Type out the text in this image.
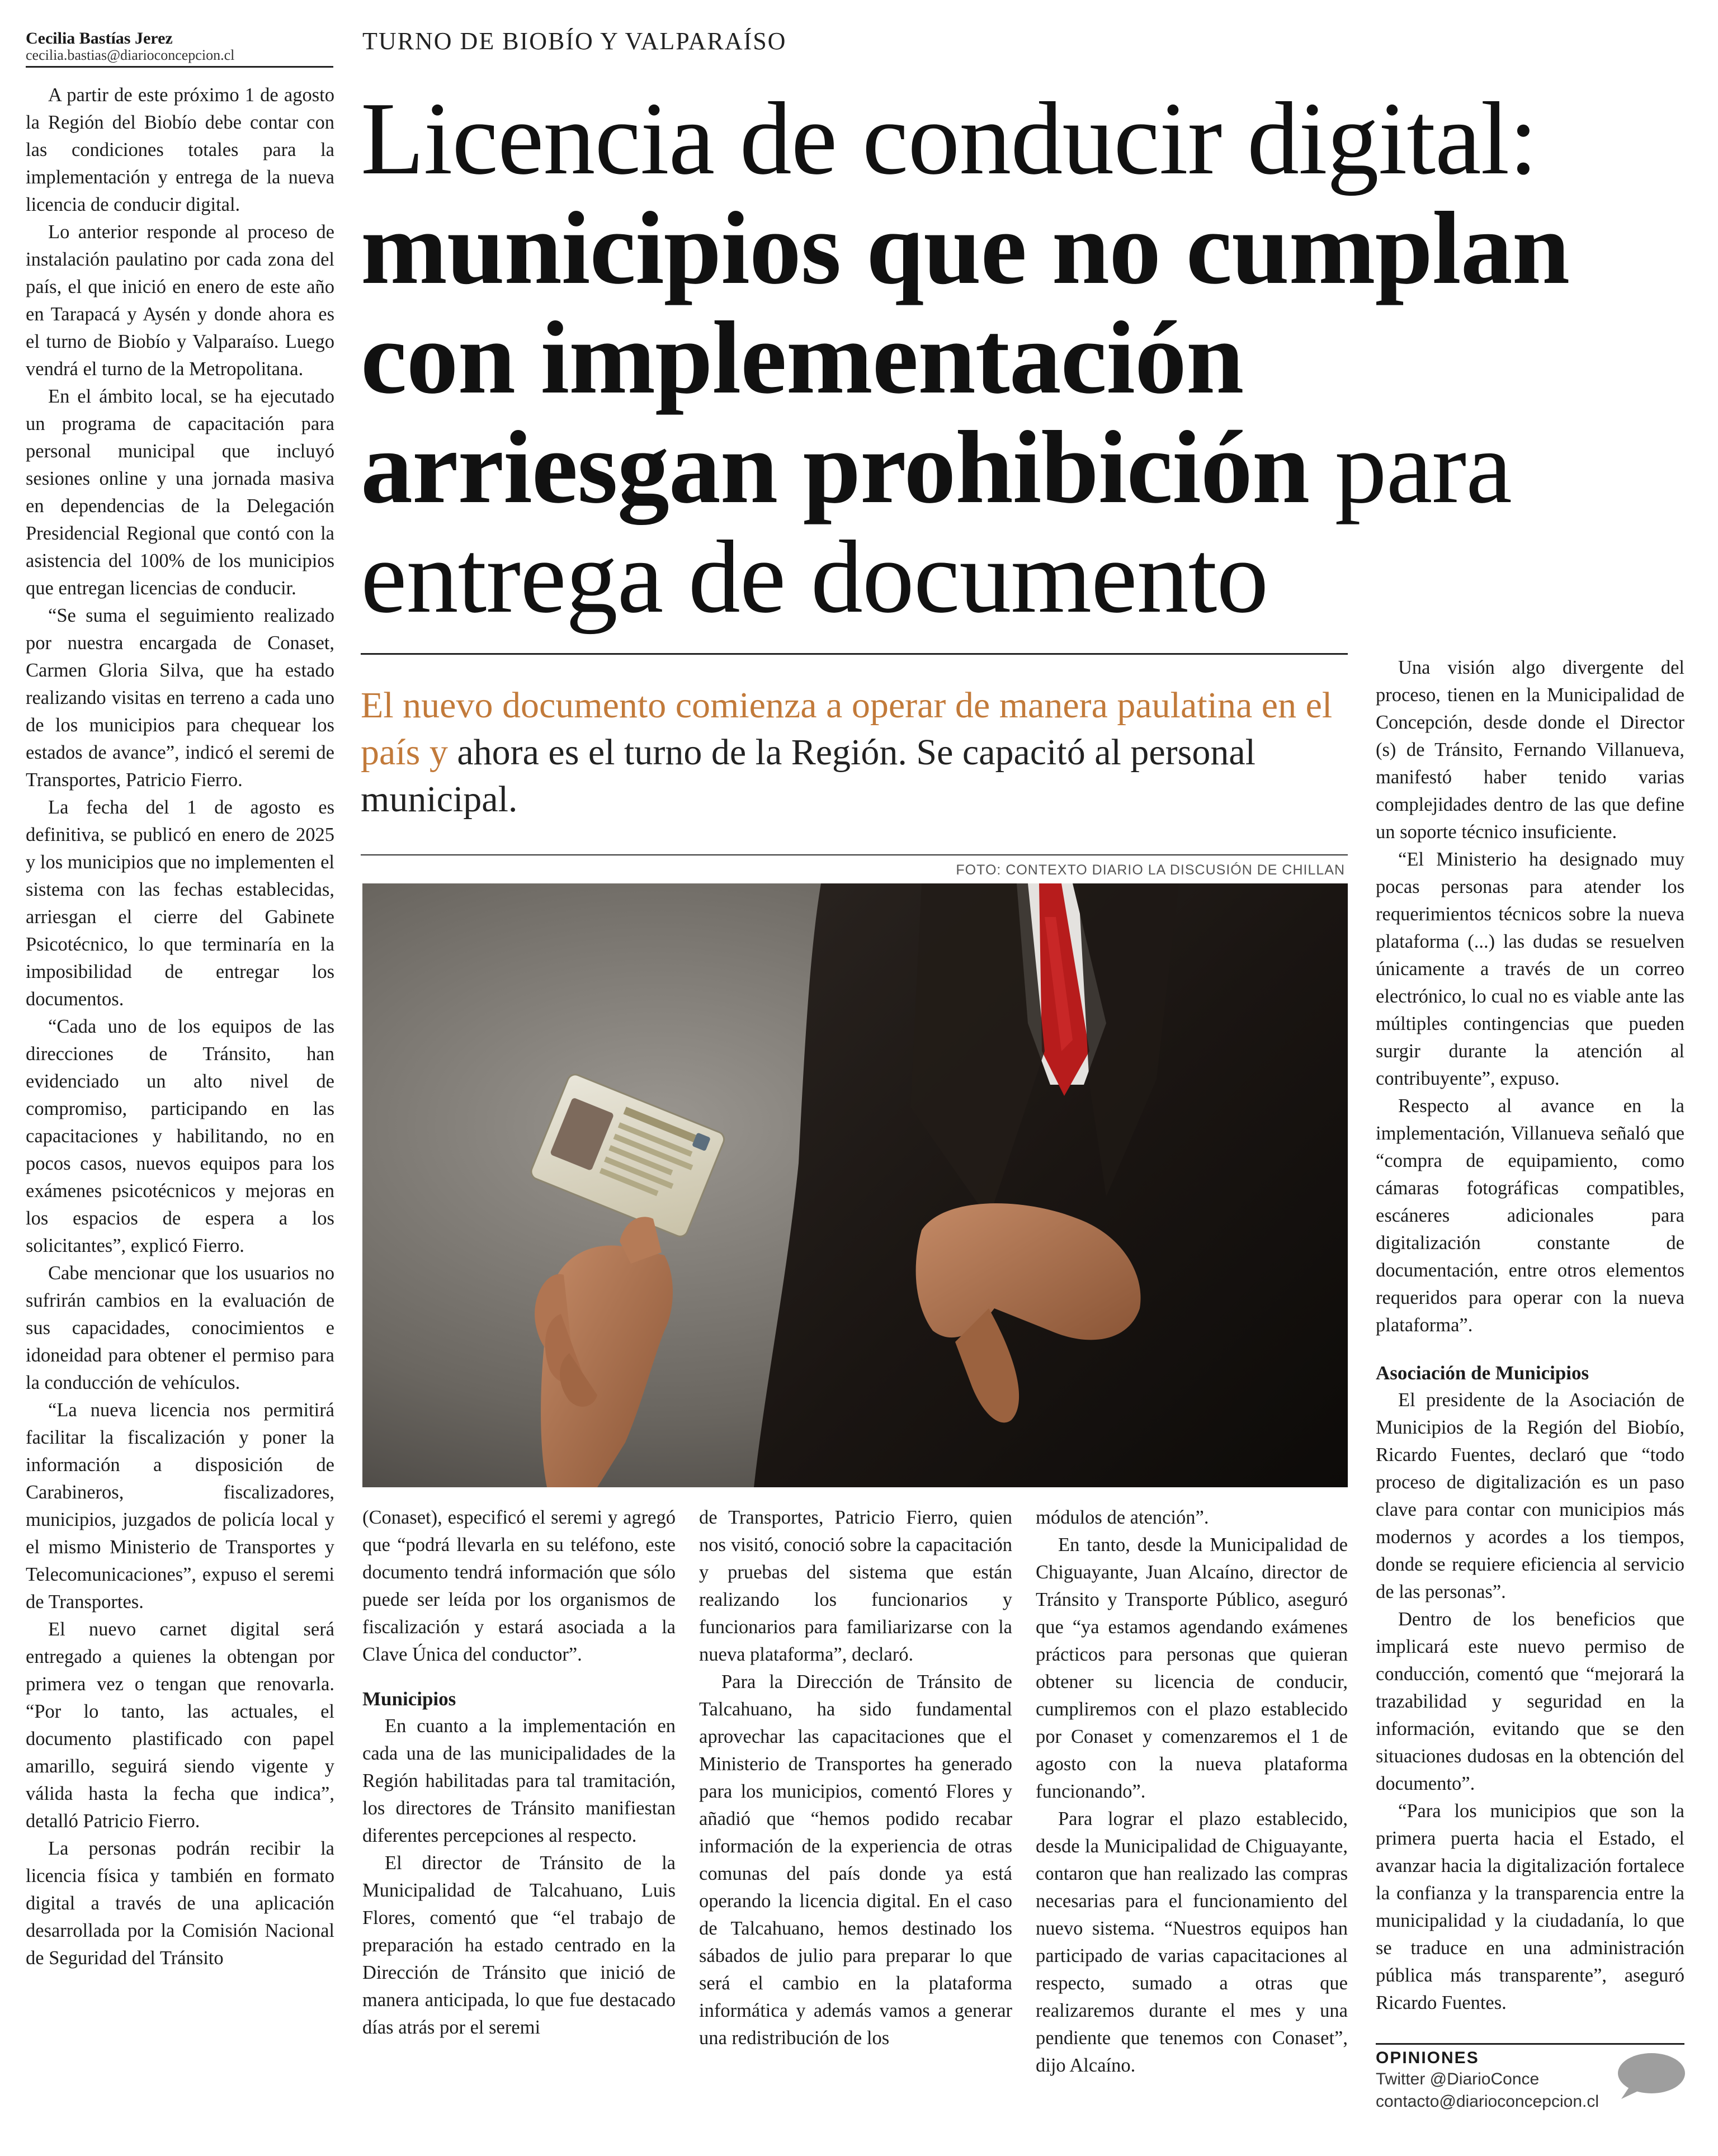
Cecilia Bastías Jerez
cecilia.bastias@diarioconcepcion.cl
TURNO DE BIOBÍO Y VALPARAÍSO
Licencia de conducir digital:
municipios que no cumplan
con implementación
arriesgan prohibición para
entrega de documento
El nuevo documento comienza a operar de manera paulatina en el país y ahora es el turno de la Región. Se capacitó al personal municipal.
FOTO: CONTEXTO DIARIO LA DISCUSIÓN DE CHILLAN

A partir de este próximo 1 de agosto la Región del Biobío debe contar con las condiciones totales para la implementación y entrega de la nueva licencia de conducir digital.

Lo anterior responde al proceso de instalación paulatino por cada zona del país, el que inició en enero de este año en Tarapacá y Aysén y donde ahora es el turno de Biobío y Valparaíso. Luego vendrá el turno de la Metropolitana.

En el ámbito local, se ha ejecutado un programa de capacitación para personal municipal que incluyó sesiones online y una jornada masiva en dependencias de la Delegación Presidencial Regional que contó con la asistencia del 100% de los municipios que entregan licencias de conducir.

“Se suma el seguimiento realizado por nuestra encargada de Conaset, Carmen Gloria Silva, que ha estado realizando visitas en terreno a cada uno de los municipios para chequear los estados de avance”, indicó el seremi de Transportes, Patricio Fierro.

La fecha del 1 de agosto es definitiva, se publicó en enero de 2025 y los municipios que no implementen el sistema con las fechas establecidas, arriesgan el cierre del Gabinete Psicotécnico, lo que terminaría en la imposibilidad de entregar los documentos.

“Cada uno de los equipos de las direcciones de Tránsito, han evidenciado un alto nivel de compromiso, participando en las capacitaciones y habilitando, no en pocos casos, nuevos equipos para los exámenes psicotécnicos y mejoras en los espacios de espera a los solicitantes”, explicó Fierro.

Cabe mencionar que los usuarios no sufrirán cambios en la evaluación de sus capacidades, conocimientos e idoneidad para obtener el permiso para la conducción de vehículos.

“La nueva licencia nos permitirá facilitar la fiscalización y poner la información a disposición de Carabineros, fiscalizadores, municipios, juzgados de policía local y el mismo Ministerio de Transportes y Telecomunicaciones”, expuso el seremi de Transportes.

El nuevo carnet digital será entregado a quienes la obtengan por primera vez o tengan que renovarla. “Por lo tanto, las actuales, el documento plastificado con papel amarillo, seguirá siendo vigente y válida hasta la fecha que indica”, detalló Patricio Fierro.

La personas podrán recibir la licencia física y también en formato digital a través de una aplicación desarrollada por la Comisión Nacional de Seguridad del Tránsito

(Conaset), especificó el seremi y agregó que “podrá llevarla en su teléfono, este documento tendrá información que sólo puede ser leída por los organismos de fiscalización y estará asociada a la Clave Única del conductor”.

Municipios

En cuanto a la implementación en cada una de las municipalidades de la Región habilitadas para tal tramitación, los directores de Tránsito manifiestan diferentes percepciones al respecto.

El director de Tránsito de la Municipalidad de Talcahuano, Luis Flores, comentó que “el trabajo de preparación ha estado centrado en la Dirección de Tránsito que inició de manera anticipada, lo que fue destacado días atrás por el seremi

de Transportes, Patricio Fierro, quien nos visitó, conoció sobre la capacitación y pruebas del sistema que están realizando los funcionarios y funcionarios para familiarizarse con la nueva plataforma”, declaró.

Para la Dirección de Tránsito de Talcahuano, ha sido fundamental aprovechar las capacitaciones que el Ministerio de Transportes ha generado para los municipios, comentó Flores y añadió que “hemos podido recabar información de la experiencia de otras comunas del país donde ya está operando la licencia digital. En el caso de Talcahuano, hemos destinado los sábados de julio para preparar lo que será el cambio en la plataforma informática y además vamos a generar una redistribución de los

módulos de atención”.

En tanto, desde la Municipalidad de Chiguayante, Juan Alcaíno, director de Tránsito y Transporte Público, aseguró que “ya estamos agendando exámenes prácticos para personas que quieran obtener su licencia de conducir, cumpliremos con el plazo establecido por Conaset y comenzaremos el 1 de agosto con la nueva plataforma funcionando”.

Para lograr el plazo establecido, desde la Municipalidad de Chiguayante, contaron que han realizado las compras necesarias para el funcionamiento del nuevo sistema. “Nuestros equipos han participado de varias capacitaciones al respecto, sumado a otras que realizaremos durante el mes y una pendiente que tenemos con Conaset”, dijo Alcaíno.

Una visión algo divergente del proceso, tienen en la Municipalidad de Concepción, desde donde el Director (s) de Tránsito, Fernando Villanueva, manifestó haber tenido varias complejidades dentro de las que define un soporte técnico insuficiente.

“El Ministerio ha designado muy pocas personas para atender los requerimientos técnicos sobre la nueva plataforma (...) las dudas se resuelven únicamente a través de un correo electrónico, lo cual no es viable ante las múltiples contingencias que pueden surgir durante la atención al contribuyente”, expuso.

Respecto al avance en la implementación, Villanueva señaló que “compra de equipamiento, como cámaras fotográficas compatibles, escáneres adicionales para digitalización constante de documentación, entre otros elementos requeridos para operar con la nueva plataforma”.

Asociación de Municipios

El presidente de la Asociación de Municipios de la Región del Biobío, Ricardo Fuentes, declaró que “todo proceso de digitalización es un paso clave para contar con municipios más modernos y acordes a los tiempos, donde se requiere eficiencia al servicio de las personas”.

Dentro de los beneficios que implicará este nuevo permiso de conducción, comentó que “mejorará la trazabilidad y seguridad en la información, evitando que se den situaciones dudosas en la obtención del documento”.

“Para los municipios que son la primera puerta hacia el Estado, el avanzar hacia la digitalización fortalece la confianza y la transparencia entre la municipalidad y la ciudadanía, lo que se traduce en una administración pública más transparente”, aseguró Ricardo Fuentes.

OPINIONES
Twitter @DiarioConce
contacto@diarioconcepcion.cl
